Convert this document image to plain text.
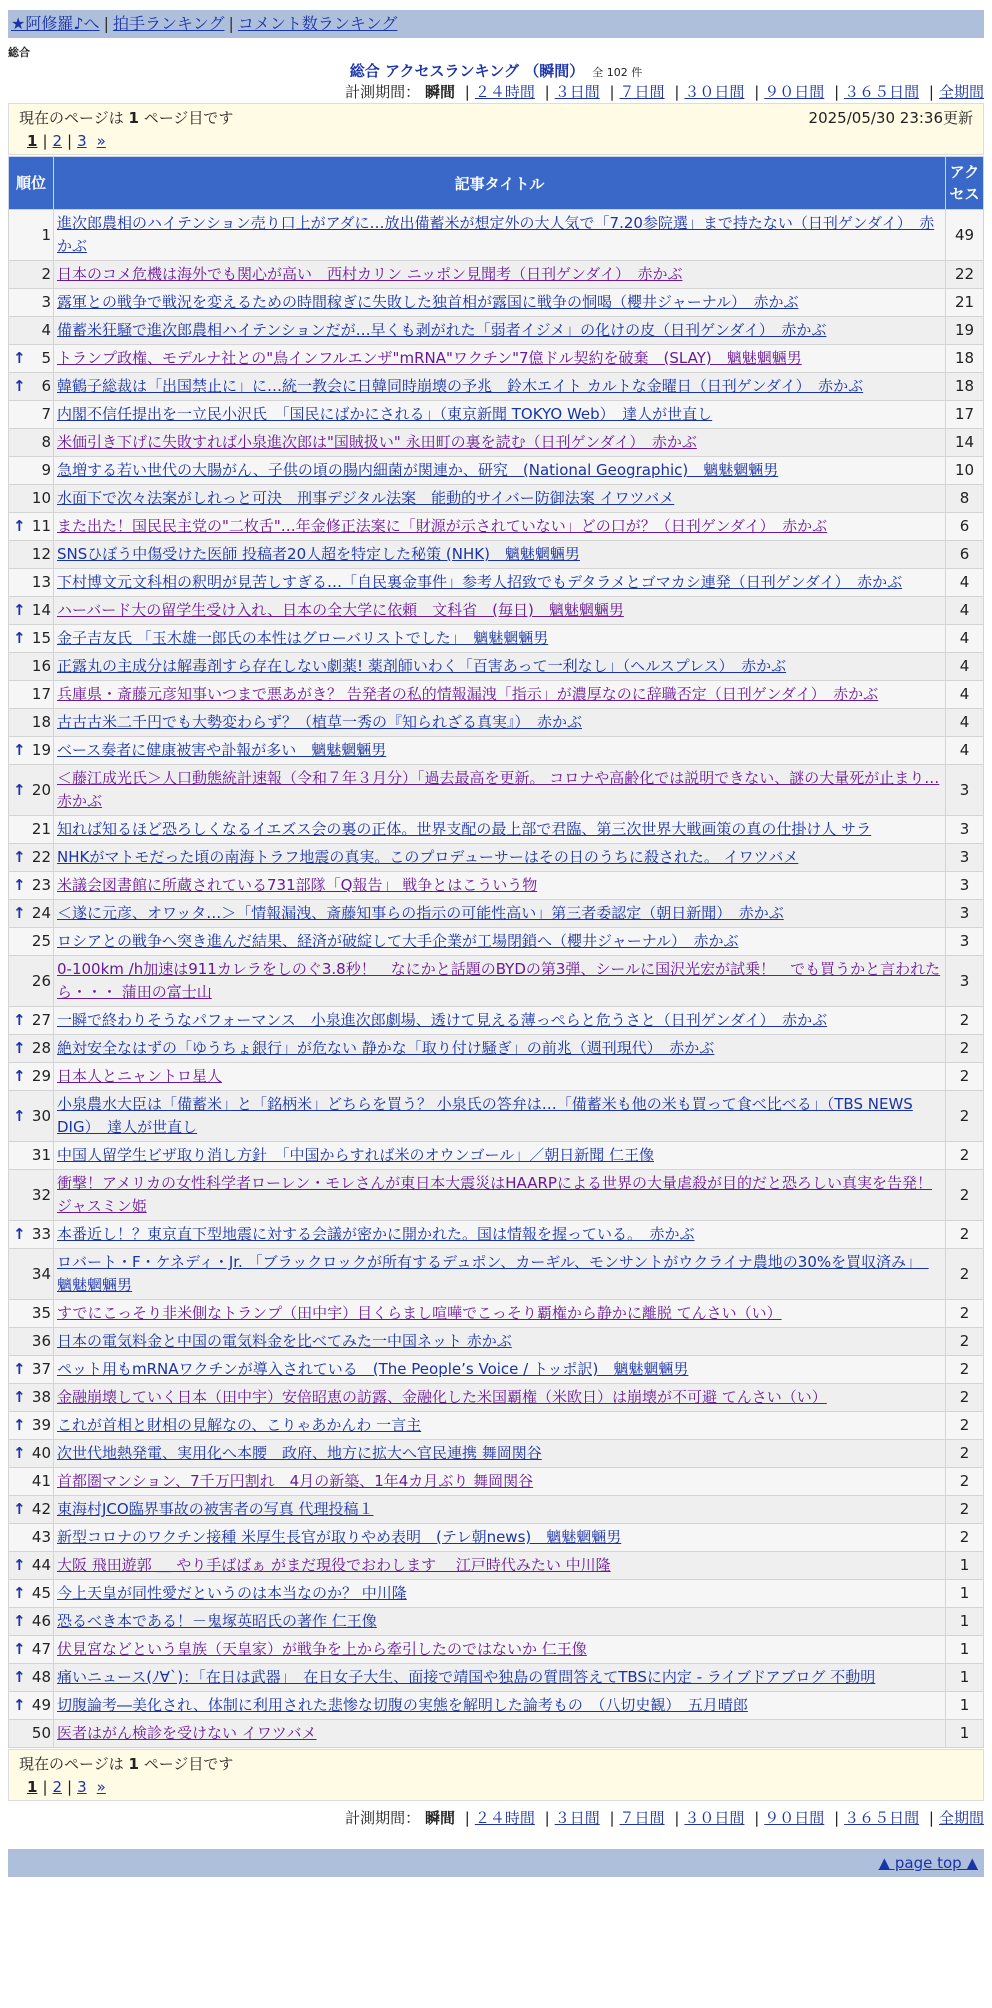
★阿修羅♪へ | 拍手ランキング | コメント数ランキング
総合
総合 アクセスランキング （瞬間） 全 102 件
計測期間： 瞬間 | ２４時間 | ３日間 | ７日間 | ３０日間 | ９０日間 | ３６５日間 | 全期間
現在のページは 1 ページ目です	2025/05/30 23:36更新
1 | 2 | 3 »
順位	記事タイトル	アクセス
1	進次郎農相のハイテンション売り口上がアダに…放出備蓄米が想定外の大人気で「7.20参院選」まで持たない（日刊ゲンダイ）　赤かぶ	49
2	日本のコメ危機は海外でも関心が高い　西村カリン ニッポン見聞考（日刊ゲンダイ）　赤かぶ	22
3	露軍との戦争で戦況を変えるための時間稼ぎに失敗した独首相が露国に戦争の恫喝（櫻井ジャーナル）　赤かぶ	21
4	備蓄米狂騒で進次郎農相ハイテンションだが…早くも剥がれた「弱者イジメ」の化けの皮（日刊ゲンダイ）　赤かぶ	19

↑ 5	トランプ政権、モデルナ社との"鳥インフルエンザ"mRNA"ワクチン"7億ドル契約を破棄　(SLAY)　魑魅魍魎男	18

↑ 6	韓鶴子総裁は「出国禁止に」に…統一教会に日韓同時崩壊の予兆　鈴木エイト カルトな金曜日（日刊ゲンダイ）　赤かぶ	18
7	内閣不信任提出を一立民小沢氏　「国民にばかにされる」（東京新聞 TOKYO Web）　達人が世直し	17
8	米価引き下げに失敗すれば小泉進次郎は"国賊扱い" 永田町の裏を読む（日刊ゲンダイ）　赤かぶ	14
9	急増する若い世代の大腸がん、子供の頃の腸内細菌が関連か、研究　(National Geographic)　魑魅魍魎男	10
10	水面下で次々法案がしれっと可決　刑事デジタル法案　能動的サイバー防御法案 イワツバメ	8

↑ 11	また出た！国民民主党の"二枚舌"…年金修正法案に「財源が示されていない」どの口が？（日刊ゲンダイ）　赤かぶ	6
12	SNSひぼう中傷受けた医師 投稿者20人超を特定した秘策 (NHK)　魑魅魍魎男	6
13	下村博文元文科相の釈明が見苦しすぎる…「自民裏金事件」参考人招致でもデタラメとゴマカシ連発（日刊ゲンダイ）　赤かぶ	4

↑ 14	ハーバード大の留学生受け入れ、日本の全大学に依頼　文科省　(毎日)　魑魅魍魎男	4

↑ 15	金子吉友氏 「玉木雄一郎氏の本性はグローバリストでした」　魑魅魍魎男	4
16	正露丸の主成分は解毒剤すら存在しない劇薬! 薬剤師いわく「百害あって一利なし」（ヘルスプレス）　赤かぶ	4
17	兵庫県・斎藤元彦知事いつまで悪あがき？ 告発者の私的情報漏洩「指示」が濃厚なのに辞職否定（日刊ゲンダイ）　赤かぶ	4
18	古古古米二千円でも大勢変わらず？（植草一秀の『知られざる真実』）　赤かぶ	4

↑ 19	ベース奏者に健康被害や訃報が多い　魑魅魍魎男	4

↑ 20	＜藤江成光氏＞人口動態統計速報（令和７年３月分）「過去最高を更新。 コロナや高齢化では説明できない、謎の大量死が止まり… 赤かぶ	3
21	知れば知るほど恐ろしくなるイエズス会の裏の正体。世界支配の最上部で君臨、第三次世界大戦画策の真の仕掛け人 サラ	3

↑ 22	NHKがマトモだった頃の南海トラフ地震の真実。このプロデューサーはその日のうちに殺された。 イワツバメ	3

↑ 23	米議会図書館に所蔵されている731部隊「Q報告」 戦争とはこういう物	3

↑ 24	＜遂に元彦、オワッタ…＞「情報漏洩、斎藤知事らの指示の可能性高い」第三者委認定（朝日新聞）　赤かぶ	3
25	ロシアとの戦争へ突き進んだ結果、経済が破綻して大手企業が工場閉鎖へ（櫻井ジャーナル）　赤かぶ	3
26	0-100km /h加速は911カレラをしのぐ3.8秒！　なにかと話題のBYDの第3弾、シールに国沢光宏が試乗！　でも買うかと言われたら・・・ 蒲田の富士山	3

↑ 27	一瞬で終わりそうなパフォーマンス　小泉進次郎劇場、透けて見える薄っぺらと危うさと（日刊ゲンダイ）　赤かぶ	2

↑ 28	絶対安全なはずの「ゆうちょ銀行」が危ない 静かな「取り付け騒ぎ」の前兆（週刊現代）　赤かぶ	2

↑ 29	日本人とニャントロ星人	2

↑ 30	小泉農水大臣は「備蓄米」と「銘柄米」どちらを買う？ 小泉氏の答弁は…「備蓄米も他の米も買って食べ比べる」（TBS NEWS DIG）　達人が世直し	2
31	中国人留学生ビザ取り消し方針　「中国からすれば米のオウンゴール」／朝日新聞 仁王像	2
32	衝撃！アメリカの女性科学者ローレン・モレさんが東日本大震災はHAARPによる世界の大量虐殺が目的だと恐ろしい真実を告発！ ジャスミン姫	2

↑ 33	本番近し！？東京直下型地震に対する会議が密かに開かれた。国は情報を握っている。　赤かぶ	2
34	ロバート・F・ケネディ・Jr. 「ブラックロックが所有するデュポン、カーギル、モンサントがウクライナ農地の30%を買収済み」　魑魅魍魎男	2
35	すでにこっそり非米側なトランプ（田中宇）目くらまし喧嘩でこっそり覇権から静かに離脱 てんさい（い）	2
36	日本の電気料金と中国の電気料金を比べてみた一中国ネット 赤かぶ	2

↑ 37	ペット用もmRNAワクチンが導入されている　(The People’s Voice / トッポ訳)　魑魅魍魎男	2

↑ 38	金融崩壊していく日本（田中宇）安倍昭恵の訪露、金融化した米国覇権（米欧日）は崩壊が不可避 てんさい（い）	2

↑ 39	これが首相と財相の見解なの、こりゃあかんわ 一言主	2

↑ 40	次世代地熱発電、実用化へ本腰　政府、地方に拡大へ官民連携 舞岡関谷	2
41	首都圏マンション、7千万円割れ　4月の新築、1年4カ月ぶり 舞岡関谷	2

↑ 42	東海村JCO臨界事故の被害者の写真 代理投稿１	2
43	新型コロナのワクチン接種 米厚生長官が取りやめ表明　(テレ朝news)　魑魅魍魎男	2

↑ 44	大阪 飛田遊郭 ＿ やり手ばばぁ がまだ現役でおわします　 江戸時代みたい 中川隆	1

↑ 45	今上天皇が同性愛だというのは本当なのか？ 中川隆	1

↑ 46	恐るべき本である！－鬼塚英昭氏の著作 仁王像	1

↑ 47	伏見宮などという皇族（天皇家）が戦争を上から牽引したのではないか 仁王像	1

↑ 48	痛いニュース(ﾉ∀`)：「在日は武器」　在日女子大生、面接で靖国や独島の質問答えてTBSに内定 - ライブドアブログ 不動明	1

↑ 49	切腹論考―美化され、体制に利用された悲惨な切腹の実態を解明した論考もの　（八切史観）　五月晴郎	1
50	医者はがん検診を受けない イワツバメ	1
現在のページは 1 ページ目です
1 | 2 | 3 »
計測期間： 瞬間 | ２４時間 | ３日間 | ７日間 | ３０日間 | ９０日間 | ３６５日間 | 全期間
▲ page top ▲
